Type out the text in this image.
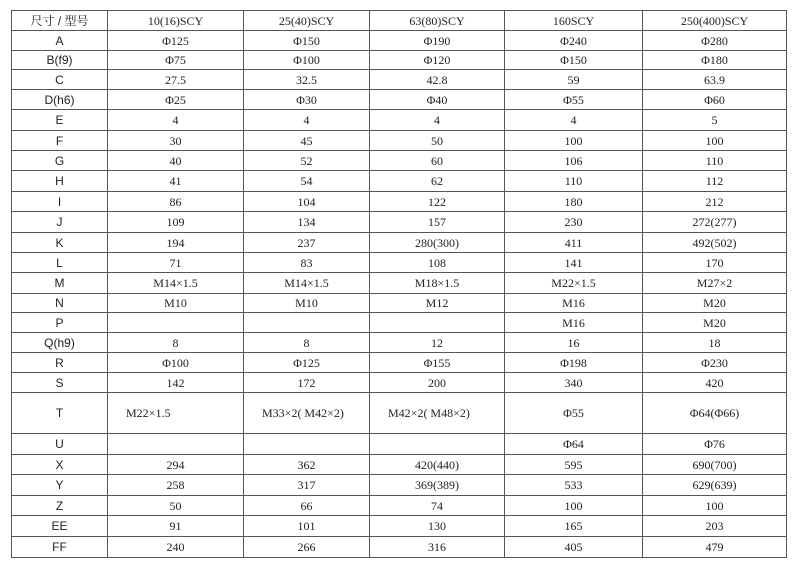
尺寸 / 型号	10(16)SCY	25(40)SCY	63(80)SCY	160SCY	250(400)SCY
A	Φ125	Φ150	Φ190	Φ240	Φ280
B(f9)	Φ75	Φ100	Φ120	Φ150	Φ180
C	27.5	32.5	42.8	59	63.9
D(h6)	Φ25	Φ30	Φ40	Φ55	Φ60
E	4	4	4	4	5
F	30	45	50	100	100
G	40	52	60	106	110
H	41	54	62	110	112
I	86	104	122	180	212
J	109	134	157	230	272(277)
K	194	237	280(300)	411	492(502)
L	71	83	108	141	170
M	M14×1.5	M14×1.5	M18×1.5	M22×1.5	M27×2
N	M10	M10	M12	M16	M20
P				M16	M20
Q(h9)	8	8	12	16	18
R	Φ100	Φ125	Φ155	Φ198	Φ230
S	142	172	200	340	420
T	M22×1.5	M33×2( M42×2)	M42×2( M48×2)	Φ55	Φ64(Φ66)
U				Φ64	Φ76
X	294	362	420(440)	595	690(700)
Y	258	317	369(389)	533	629(639)
Z	50	66	74	100	100
EE	91	101	130	165	203
FF	240	266	316	405	479
